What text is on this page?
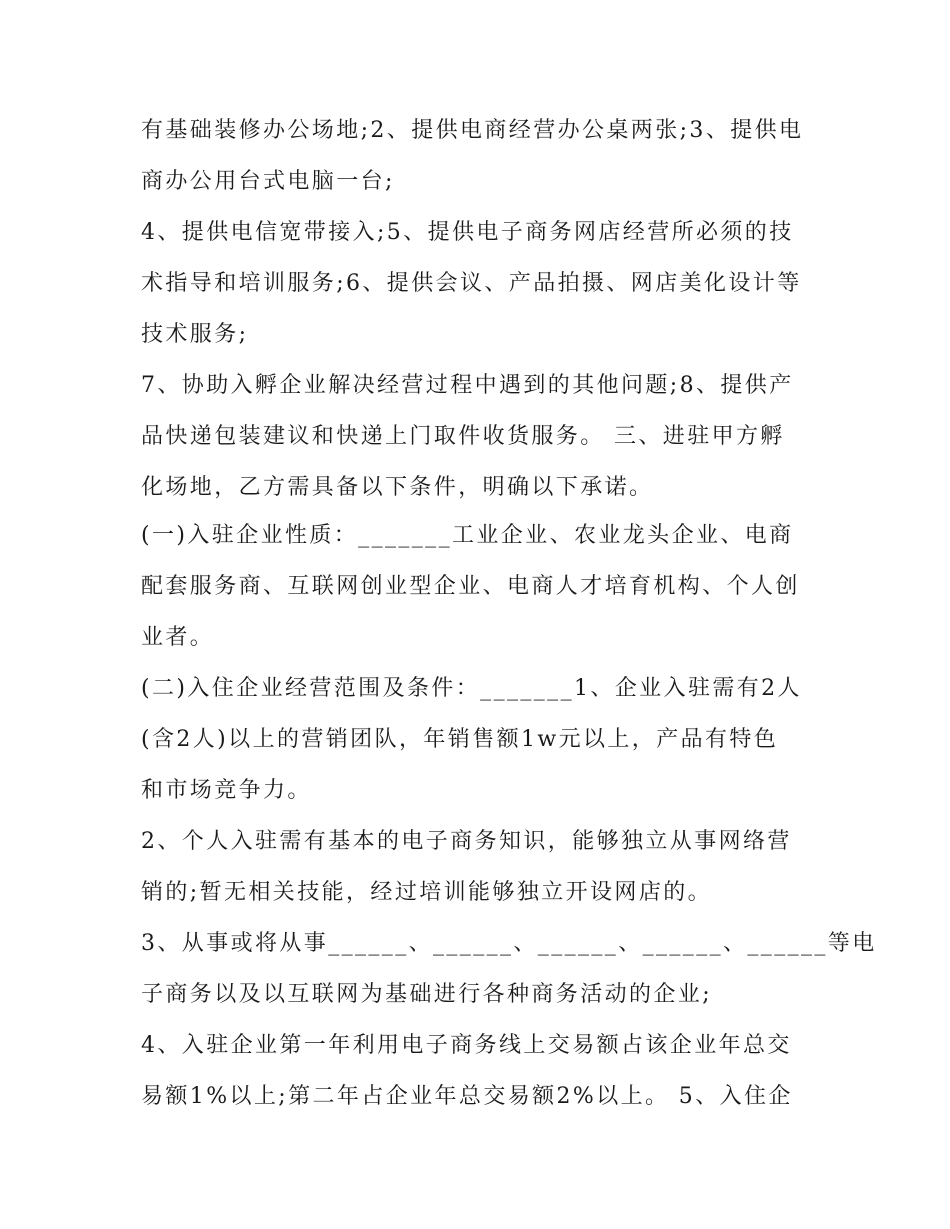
有基础装修办公场地;2、提供电商经营办公桌两张;3、提供电
商办公用台式电脑一台;
4、提供电信宽带接入;5、提供电子商务网店经营所必须的技
术指导和培训服务;6、提供会议、产品拍摄、网店美化设计等
技术服务;
7、协助入孵企业解决经营过程中遇到的其他问题;8、提供产
品快递包装建议和快递上门取件收货服务。 三、进驻甲方孵
化场地，乙方需具备以下条件，明确以下承诺。
(一)入驻企业性质：_______工业企业、农业龙头企业、电商
配套服务商、互联网创业型企业、电商人才培育机构、个人创
业者。
(二)入住企业经营范围及条件：_______1、企业入驻需有2人
(含2人)以上的营销团队，年销售额1w元以上，产品有特色
和市场竞争力。
2、个人入驻需有基本的电子商务知识，能够独立从事网络营
销的;暂无相关技能，经过培训能够独立开设网店的。
3、从事或将从事______、______、______、______、______等电
子商务以及以互联网为基础进行各种商务活动的企业;
4、入驻企业第一年利用电子商务线上交易额占该企业年总交
易额1%以上;第二年占企业年总交易额2%以上。 5、入住企
